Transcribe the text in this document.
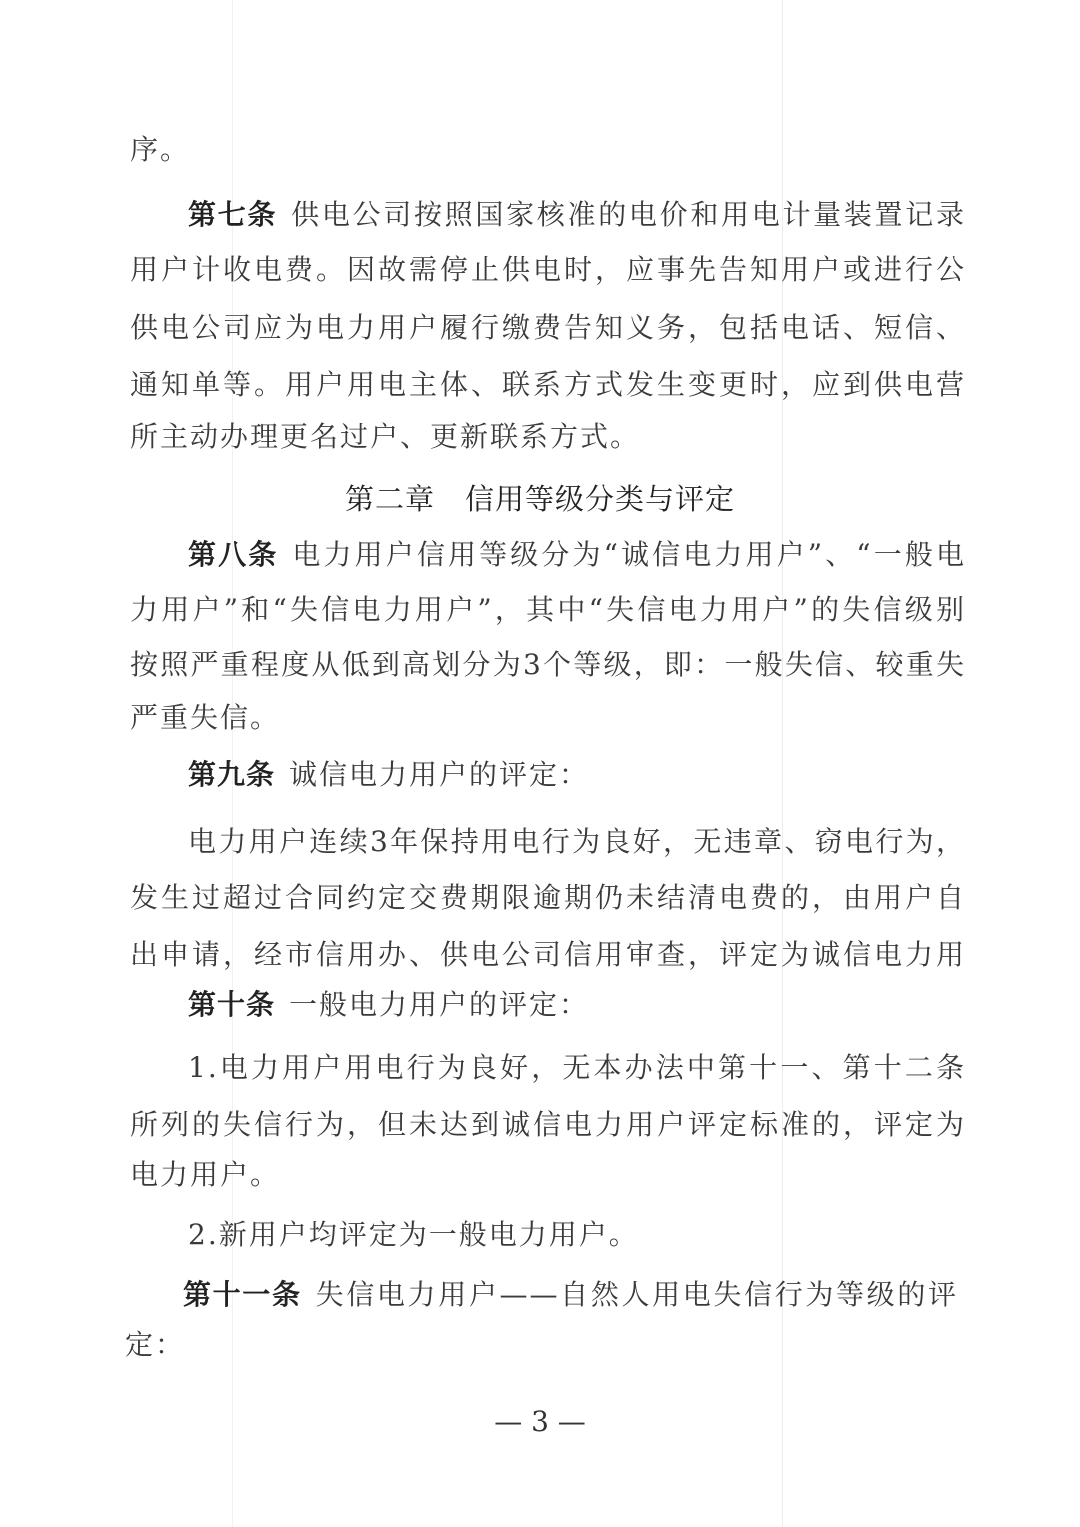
序。
第七条 供电公司按照国家核准的电价和用电计量装置记录
用户计收电费。因故需停止供电时，应事先告知用户或进行公
供电公司应为电力用户履行缴费告知义务，包括电话、短信、
通知单等。用户用电主体、联系方式发生变更时，应到供电营
所主动办理更名过户、更新联系方式。
第二章　信用等级分类与评定
第八条 电力用户信用等级分为“诚信电力用户”、“一般电
力用户”和“失信电力用户”，其中“失信电力用户”的失信级别
按照严重程度从低到高划分为3个等级，即：一般失信、较重失
严重失信。
第九条 诚信电力用户的评定：
电力用户连续3年保持用电行为良好，无违章、窃电行为，
发生过超过合同约定交费期限逾期仍未结清电费的，由用户自
出申请，经市信用办、供电公司信用审查，评定为诚信电力用
第十条 一般电力用户的评定：
1.电力用户用电行为良好，无本办法中第十一、第十二条
所列的失信行为，但未达到诚信电力用户评定标准的，评定为
电力用户。
2.新用户均评定为一般电力用户。
第十一条 失信电力用户——自然人用电失信行为等级的评
定：
— 3 —
